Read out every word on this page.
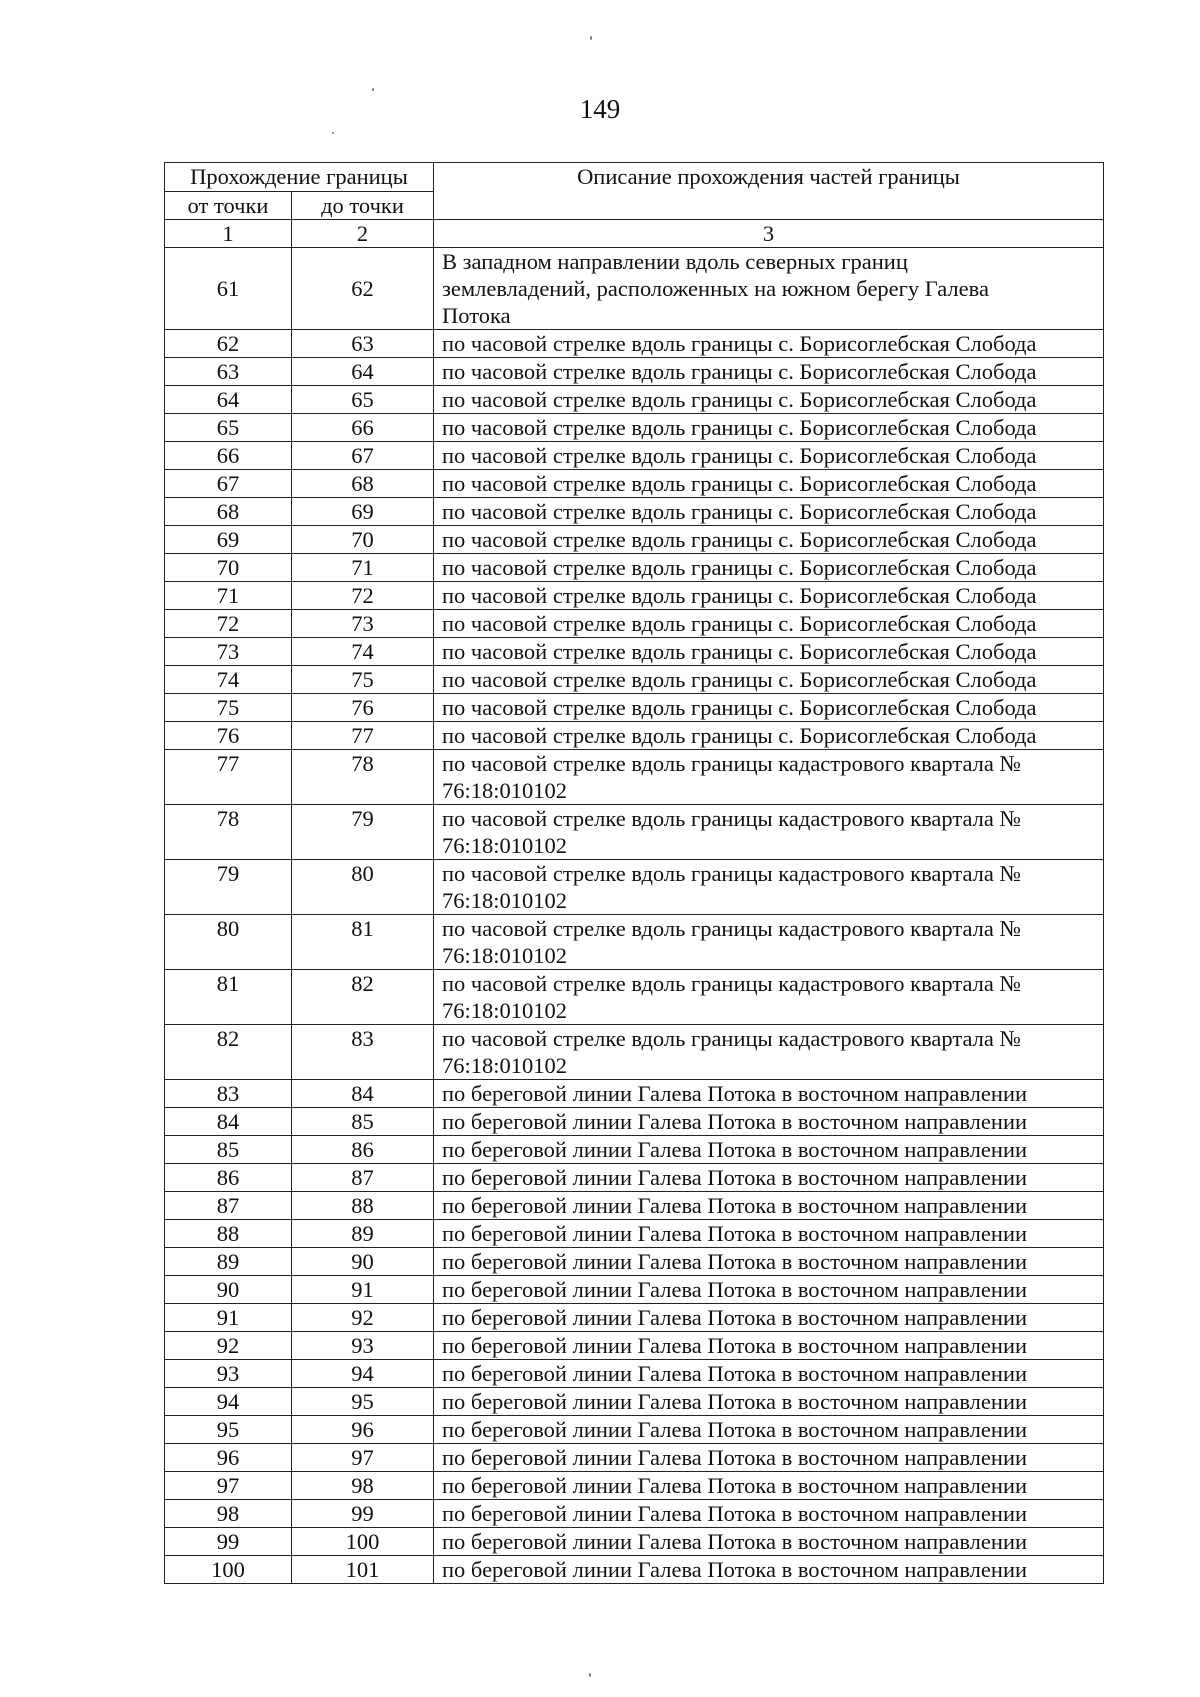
149
Прохождение границы		Описание прохождения частей границы
от точки	до точки	
1	2	3
61	62	В западном направлении вдоль северных границ
землевладений, расположенных на южном берегу Галева
Потока
62	63	по часовой стрелке вдоль границы с. Борисоглебская Слобода
63	64	по часовой стрелке вдоль границы с. Борисоглебская Слобода
64	65	по часовой стрелке вдоль границы с. Борисоглебская Слобода
65	66	по часовой стрелке вдоль границы с. Борисоглебская Слобода
66	67	по часовой стрелке вдоль границы с. Борисоглебская Слобода
67	68	по часовой стрелке вдоль границы с. Борисоглебская Слобода
68	69	по часовой стрелке вдоль границы с. Борисоглебская Слобода
69	70	по часовой стрелке вдоль границы с. Борисоглебская Слобода
70	71	по часовой стрелке вдоль границы с. Борисоглебская Слобода
71	72	по часовой стрелке вдоль границы с. Борисоглебская Слобода
72	73	по часовой стрелке вдоль границы с. Борисоглебская Слобода
73	74	по часовой стрелке вдоль границы с. Борисоглебская Слобода
74	75	по часовой стрелке вдоль границы с. Борисоглебская Слобода
75	76	по часовой стрелке вдоль границы с. Борисоглебская Слобода
76	77	по часовой стрелке вдоль границы с. Борисоглебская Слобода
77	78	по часовой стрелке вдоль границы кадастрового квартала №
76:18:010102
78	79	по часовой стрелке вдоль границы кадастрового квартала №
76:18:010102
79	80	по часовой стрелке вдоль границы кадастрового квартала №
76:18:010102
80	81	по часовой стрелке вдоль границы кадастрового квартала №
76:18:010102
81	82	по часовой стрелке вдоль границы кадастрового квартала №
76:18:010102
82	83	по часовой стрелке вдоль границы кадастрового квартала №
76:18:010102
83	84	по береговой линии Галева Потока в восточном направлении
84	85	по береговой линии Галева Потока в восточном направлении
85	86	по береговой линии Галева Потока в восточном направлении
86	87	по береговой линии Галева Потока в восточном направлении
87	88	по береговой линии Галева Потока в восточном направлении
88	89	по береговой линии Галева Потока в восточном направлении
89	90	по береговой линии Галева Потока в восточном направлении
90	91	по береговой линии Галева Потока в восточном направлении
91	92	по береговой линии Галева Потока в восточном направлении
92	93	по береговой линии Галева Потока в восточном направлении
93	94	по береговой линии Галева Потока в восточном направлении
94	95	по береговой линии Галева Потока в восточном направлении
95	96	по береговой линии Галева Потока в восточном направлении
96	97	по береговой линии Галева Потока в восточном направлении
97	98	по береговой линии Галева Потока в восточном направлении
98	99	по береговой линии Галева Потока в восточном направлении
99	100	по береговой линии Галева Потока в восточном направлении
100	101	по береговой линии Галева Потока в восточном направлении
